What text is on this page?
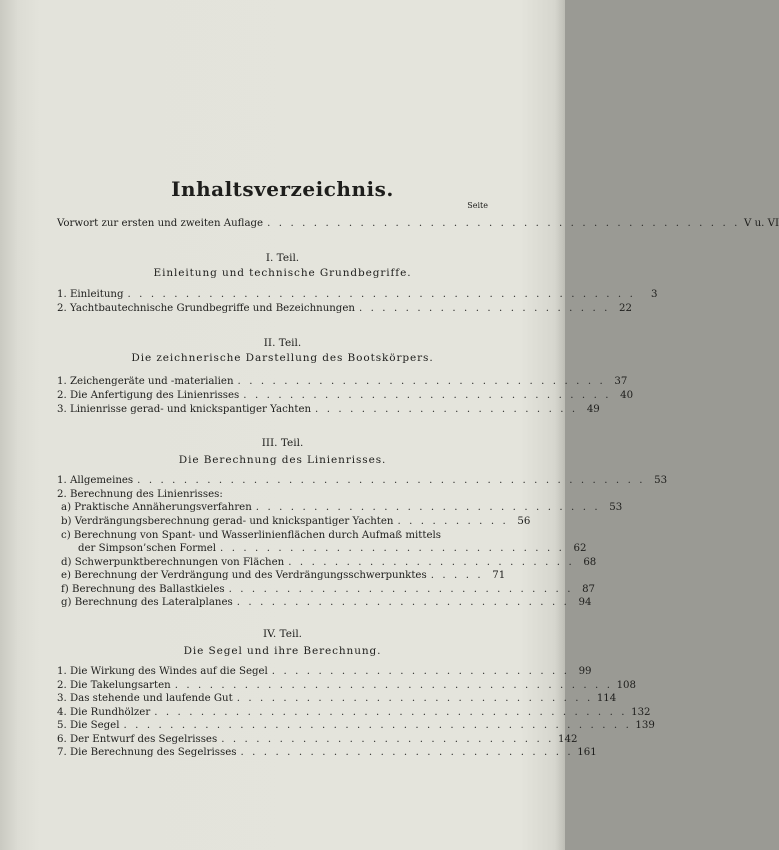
Inhaltsverzeichnis.
Seite
Vorwort zur ersten und zweiten Auflage . . . . . . . . . . . . . . . . . . . . . . . . . . . . . . . . . . . . . . . . . V u. VI
I. Teil.
Einleitung und technische Grundbegriffe.
1. Einleitung . . . . . . . . . . . . . . . . . . . . . . . . . . . . . . . . . . . . . . . . . . . .	3
2. Yachtbautechnische Grundbegriffe und Bezeichnungen . . . . . . . . . . . . . . . . . . . . . . 22
II. Teil.
Die zeichnerische Darstellung des Bootskörpers.
1. Zeichengeräte und -materialien . . . . . . . . . . . . . . . . . . . . . . . . . . . . . . . . 37
2. Die Anfertigung des Linienrisses . . . . . . . . . . . . . . . . . . . . . . . . . . . . . . . . 40
3. Linienrisse gerad- und knickspantiger Yachten . . . . . . . . . . . . . . . . . . . . . . . 49
III. Teil.
Die Berechnung des Linienrisses.
1. Allgemeines . . . . . . . . . . . . . . . . . . . . . . . . . . . . . . . . . . . . . . . . . . . . 53
2. Berechnung des Linienrisses:
a) Praktische Annäherungsverfahren . . . . . . . . . . . . . . . . . . . . . . . . . . . . . . 53
b) Verdrängungsberechnung gerad- und knickspantiger Yachten . . . . . . . . . . 56
c) Berechnung von Spant- und Wasserlinienflächen durch Aufmaß mittels
der Simpson’schen Formel . . . . . . . . . . . . . . . . . . . . . . . . . . . . . . 62
d) Schwerpunktberechnungen von Flächen . . . . . . . . . . . . . . . . . . . . . . . . . 68
e) Berechnung der Verdrängung und des Verdrängungsschwerpunktes . . . . . 71
f) Berechnung des Ballastkieles . . . . . . . . . . . . . . . . . . . . . . . . . . . . . . 87
g) Berechnung des Lateralplanes . . . . . . . . . . . . . . . . . . . . . . . . . . . . . 94
IV. Teil.
Die Segel und ihre Berechnung.
1. Die Wirkung des Windes auf die Segel . . . . . . . . . . . . . . . . . . . . . . . . . . 99
2. Die Takelungsarten . . . . . . . . . . . . . . . . . . . . . . . . . . . . . . . . . . . . . . 108
3. Das stehende und laufende Gut . . . . . . . . . . . . . . . . . . . . . . . . . . . . . . . 114
4. Die Rundhölzer . . . . . . . . . . . . . . . . . . . . . . . . . . . . . . . . . . . . . . . . . 132
5. Die Segel . . . . . . . . . . . . . . . . . . . . . . . . . . . . . . . . . . . . . . . . . . . . 139
6. Der Entwurf des Segelrisses . . . . . . . . . . . . . . . . . . . . . . . . . . . . . 142
7. Die Berechnung des Segelrisses . . . . . . . . . . . . . . . . . . . . . . . . . . . . . 161
